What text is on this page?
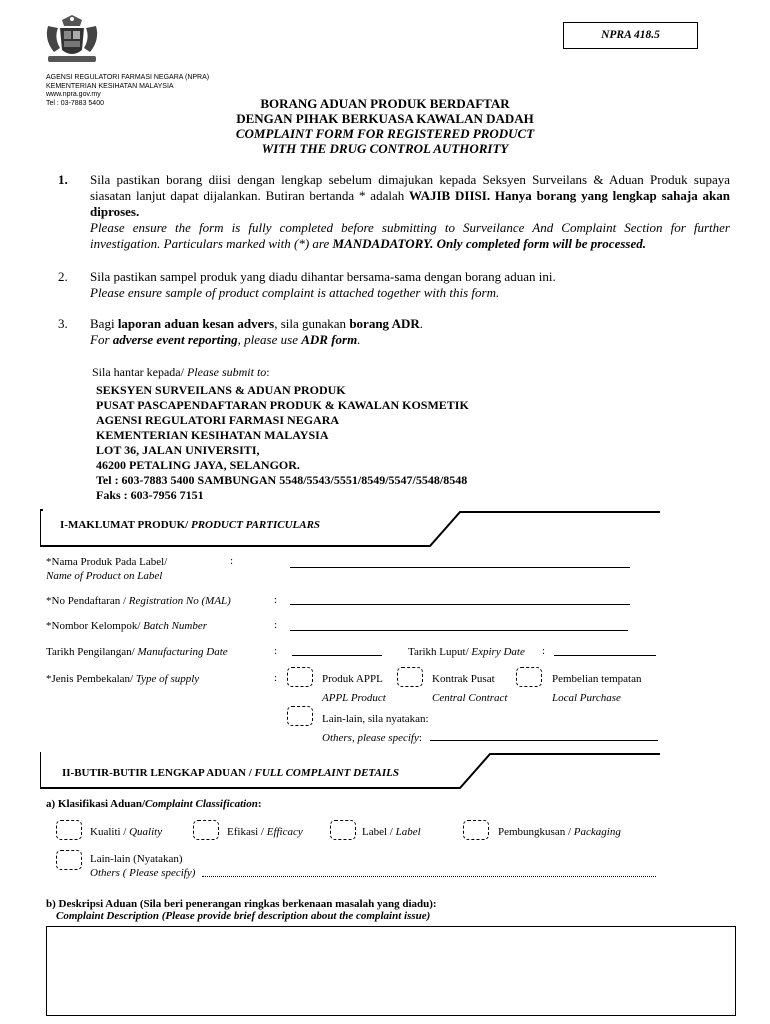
NPRA 418.5
AGENSI REGULATORI FARMASI NEGARA (NPRA)
KEMENTERIAN KESIHATAN MALAYSIA
www.npra.gov.my
Tel : 03-7883 5400	BORANG ADUAN PRODUK BERDAFTAR
DENGAN PIHAK BERKUASA KAWALAN DADAH
COMPLAINT FORM FOR REGISTERED PRODUCT
WITH THE DRUG CONTROL AUTHORITY
1. Sila pastikan borang diisi dengan lengkap sebelum dimajukan kepada Seksyen Surveilans & Aduan Produk supaya siasatan lanjut dapat dijalankan. Butiran bertanda * adalah WAJIB DIISI. Hanya borang yang lengkap sahaja akan diproses.
Please ensure the form is fully completed before submitting to Surveilance And Complaint Section for further investigation. Particulars marked with (*) are MANDADATORY. Only completed form will be processed.
2. Sila pastikan sampel produk yang diadu dihantar bersama-sama dengan borang aduan ini.
Please ensure sample of product complaint is attached together with this form.
3. Bagi laporan aduan kesan advers, sila gunakan borang ADR.
For adverse event reporting, please use ADR form.
Sila hantar kepada/ Please submit to:
SEKSYEN SURVEILANS & ADUAN PRODUK
PUSAT PASCAPENDAFTARAN PRODUK & KAWALAN KOSMETIK
AGENSI REGULATORI FARMASI NEGARA
KEMENTERIAN KESIHATAN MALAYSIA
LOT 36, JALAN UNIVERSITI,
46200 PETALING JAYA, SELANGOR.
Tel : 603-7883 5400 SAMBUNGAN 5548/5543/5551/8549/5547/5548/8548
Faks : 603-7956 7151
I-MAKLUMAT PRODUK/ PRODUCT PARTICULARS
*Nama Produk Pada Label/
Name of Product on Label
:
*No Pendaftaran / Registration No (MAL)	:
*Nombor Kelompok/ Batch Number	:
Tarikh Pengilangan/ Manufacturing Date	:	Tarikh Luput/ Expiry Date :
*Jenis Pembekalan/ Type of supply	:	Produk APPL
APPL Product
Kontrak Pusat
Central Contract
Pembelian tempatan
Local Purchase
Lain-lain, sila nyatakan:
Others, please specify:
II-BUTIR-BUTIR LENGKAP ADUAN / FULL COMPLAINT DETAILS
a) Klasifikasi Aduan/Complaint Classification:
Kualiti / Quality	Efikasi / Efficacy	Label / Label	Pembungkusan / Packaging
Lain-lain (Nyatakan)
Others ( Please specify)
b) Deskripsi Aduan (Sila beri penerangan ringkas berkenaan masalah yang diadu):
Complaint Description (Please provide brief description about the complaint issue)
